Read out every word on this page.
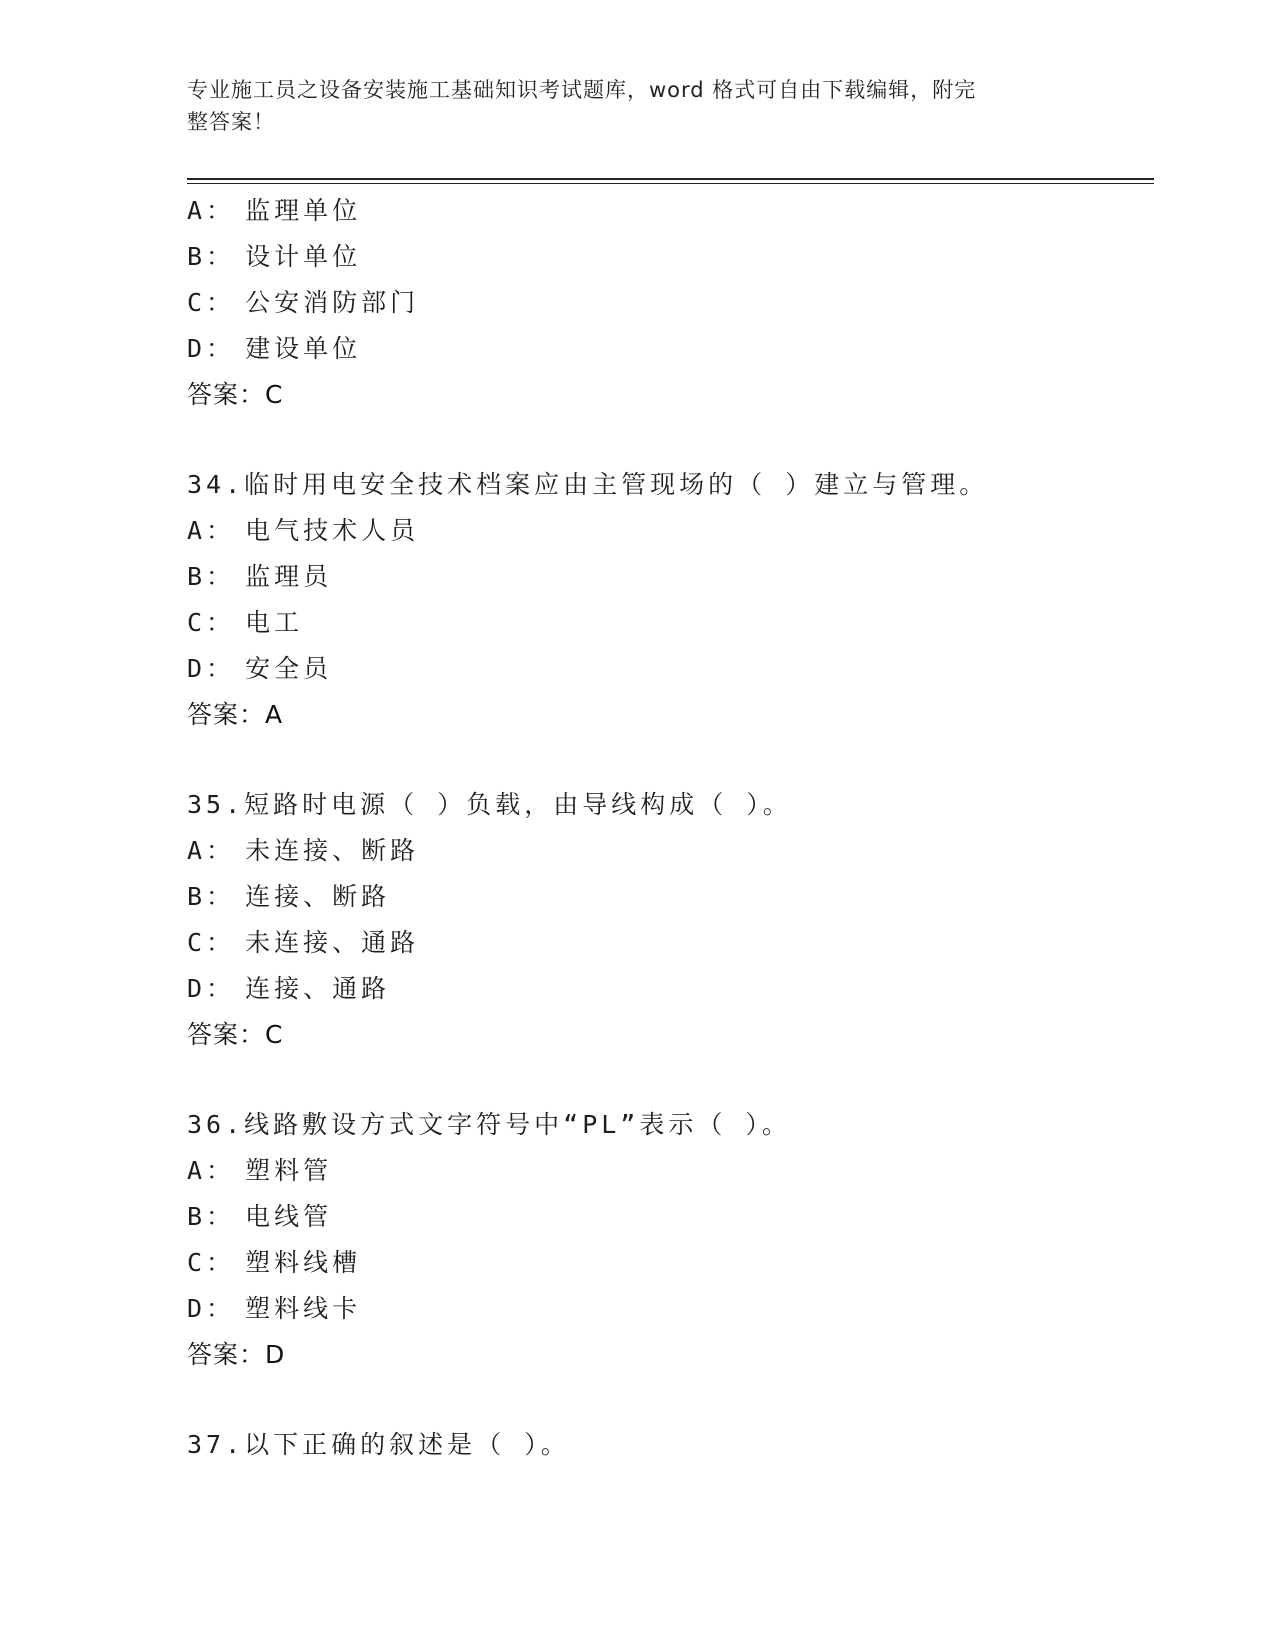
专业施工员之设备安装施工基础知识考试题库，word 格式可自由下载编辑，附完
整答案！
A： 监理单位
B： 设计单位
C： 公安消防部门
D： 建设单位
答案：C
34.临时用电安全技术档案应由主管现场的（ ）建立与管理。
A： 电气技术人员
B： 监理员
C： 电工
D： 安全员
答案：A
35.短路时电源（ ）负载，由导线构成（ ）。
A： 未连接、断路
B： 连接、断路
C： 未连接、通路
D： 连接、通路
答案：C
36.线路敷设方式文字符号中“PL”表示（ ）。
A： 塑料管
B： 电线管
C： 塑料线槽
D： 塑料线卡
答案：D
37.以下正确的叙述是（ ）。
